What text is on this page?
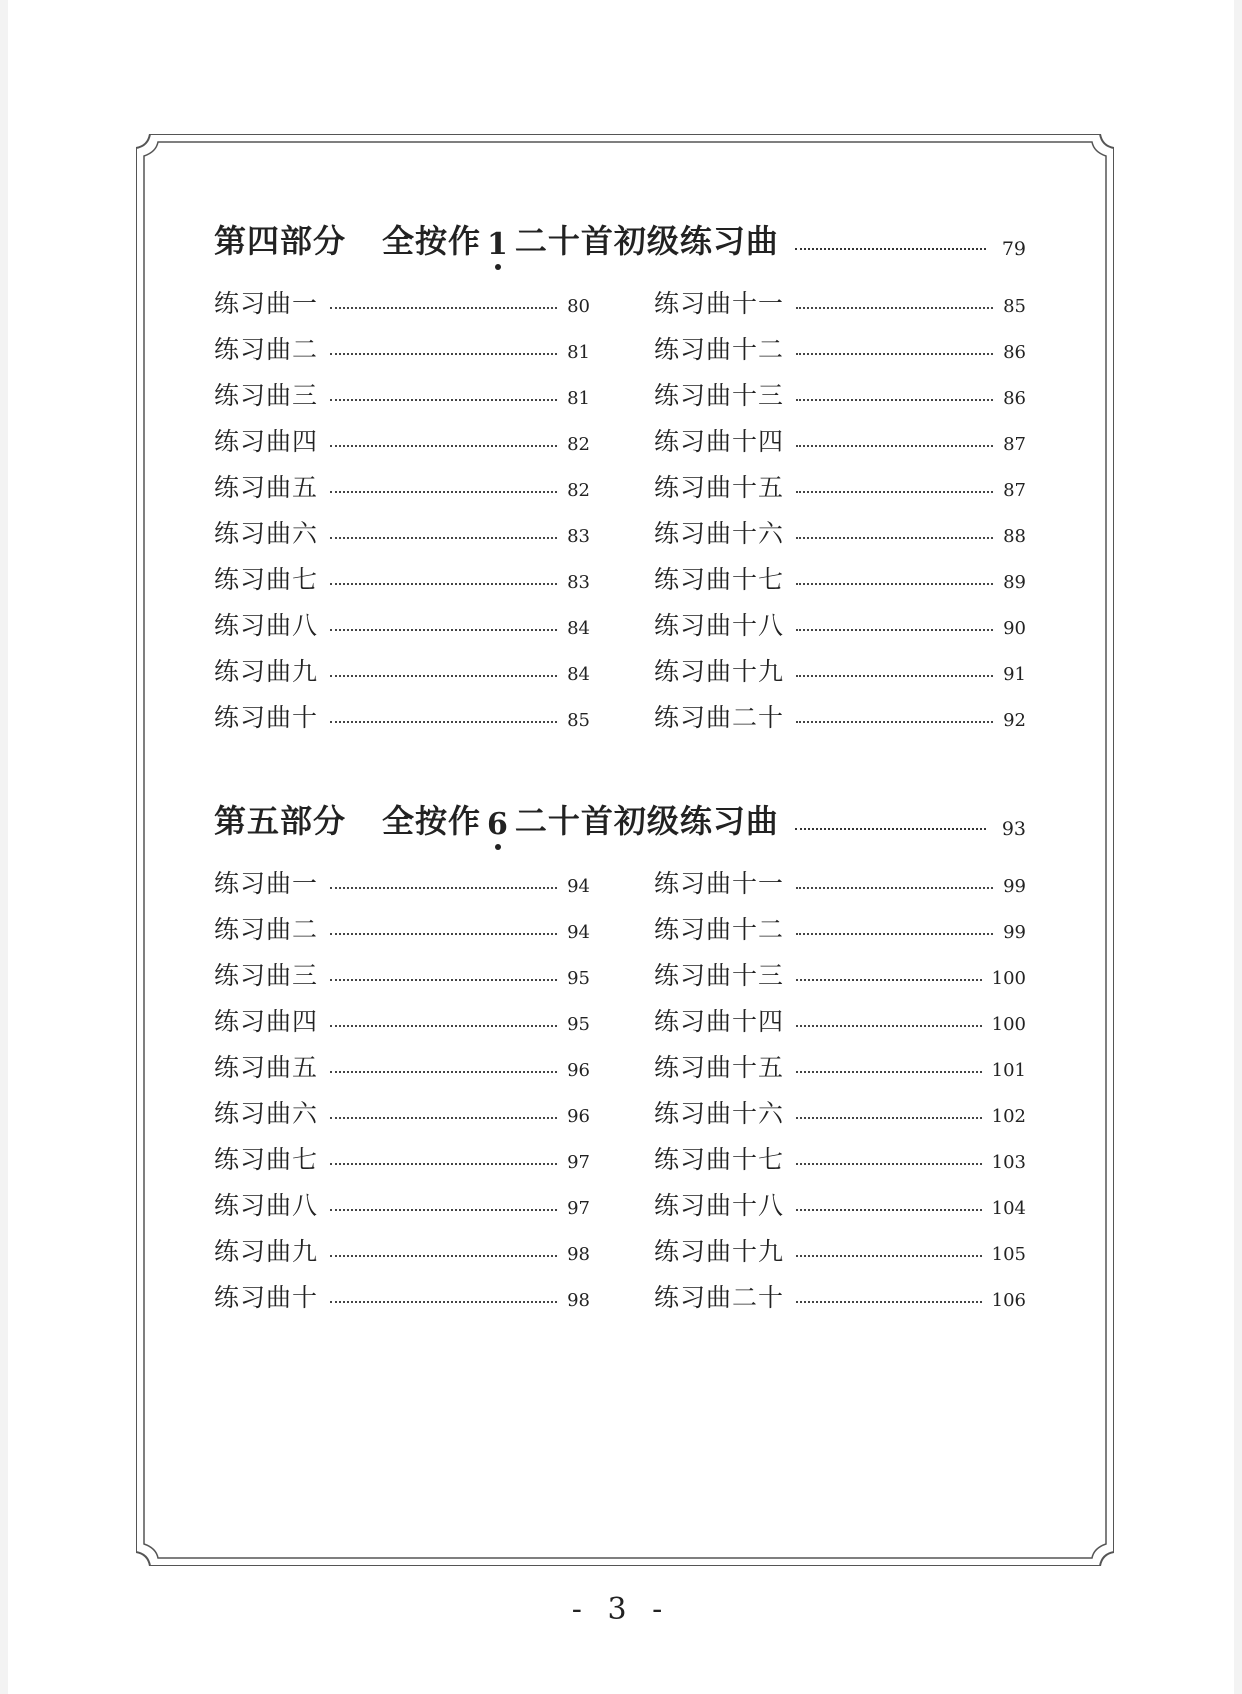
第四部分 全按作 1 二十首初级练习曲	79
练习曲一	80
练习曲二	81
练习曲三	81
练习曲四	82
练习曲五	82
练习曲六	83
练习曲七	83
练习曲八	84
练习曲九	84
练习曲十	85
练习曲十一	85
练习曲十二	86
练习曲十三	86
练习曲十四	87
练习曲十五	87
练习曲十六	88
练习曲十七	89
练习曲十八	90
练习曲十九	91
练习曲二十	92
第五部分 全按作 6 二十首初级练习曲	93
练习曲一	94
练习曲二	94
练习曲三	95
练习曲四	95
练习曲五	96
练习曲六	96
练习曲七	97
练习曲八	97
练习曲九	98
练习曲十	98
练习曲十一	99
练习曲十二	99
练习曲十三	100
练习曲十四	100
练习曲十五	101
练习曲十六	102
练习曲十七	103
练习曲十八	104
练习曲十九	105
练习曲二十	106
- 3 -
